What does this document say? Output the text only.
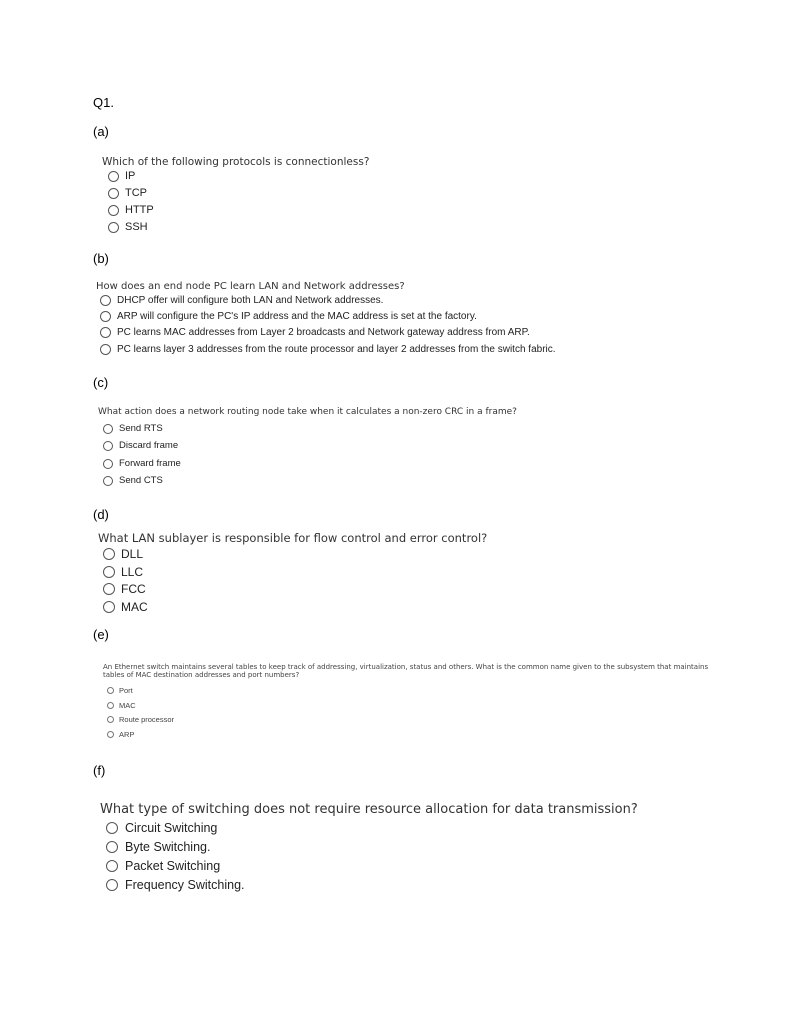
Q1.
(a)
Which of the following protocols is connectionless?
IP
TCP
HTTP
SSH
(b)
How does an end node PC learn LAN and Network addresses?
DHCP offer will configure both LAN and Network addresses.
ARP will configure the PC's IP address and the MAC address is set at the factory.
PC learns MAC addresses from Layer 2 broadcasts and Network gateway address from ARP.
PC learns layer 3 addresses from the route processor and layer 2 addresses from the switch fabric.
(c)
What action does a network routing node take when it calculates a non-zero CRC in a frame?
Send RTS
Discard frame
Forward frame
Send CTS
(d)
What LAN sublayer is responsible for flow control and error control?
DLL
LLC
FCC
MAC
(e)
An Ethernet switch maintains several tables to keep track of addressing, virtualization, status and others. What is the common name given to the subsystem that maintains tables of MAC destination addresses and port numbers?
Port
MAC
Route processor
ARP
(f)
What type of switching does not require resource allocation for data transmission?
Circuit Switching
Byte Switching.
Packet Switching
Frequency Switching.
